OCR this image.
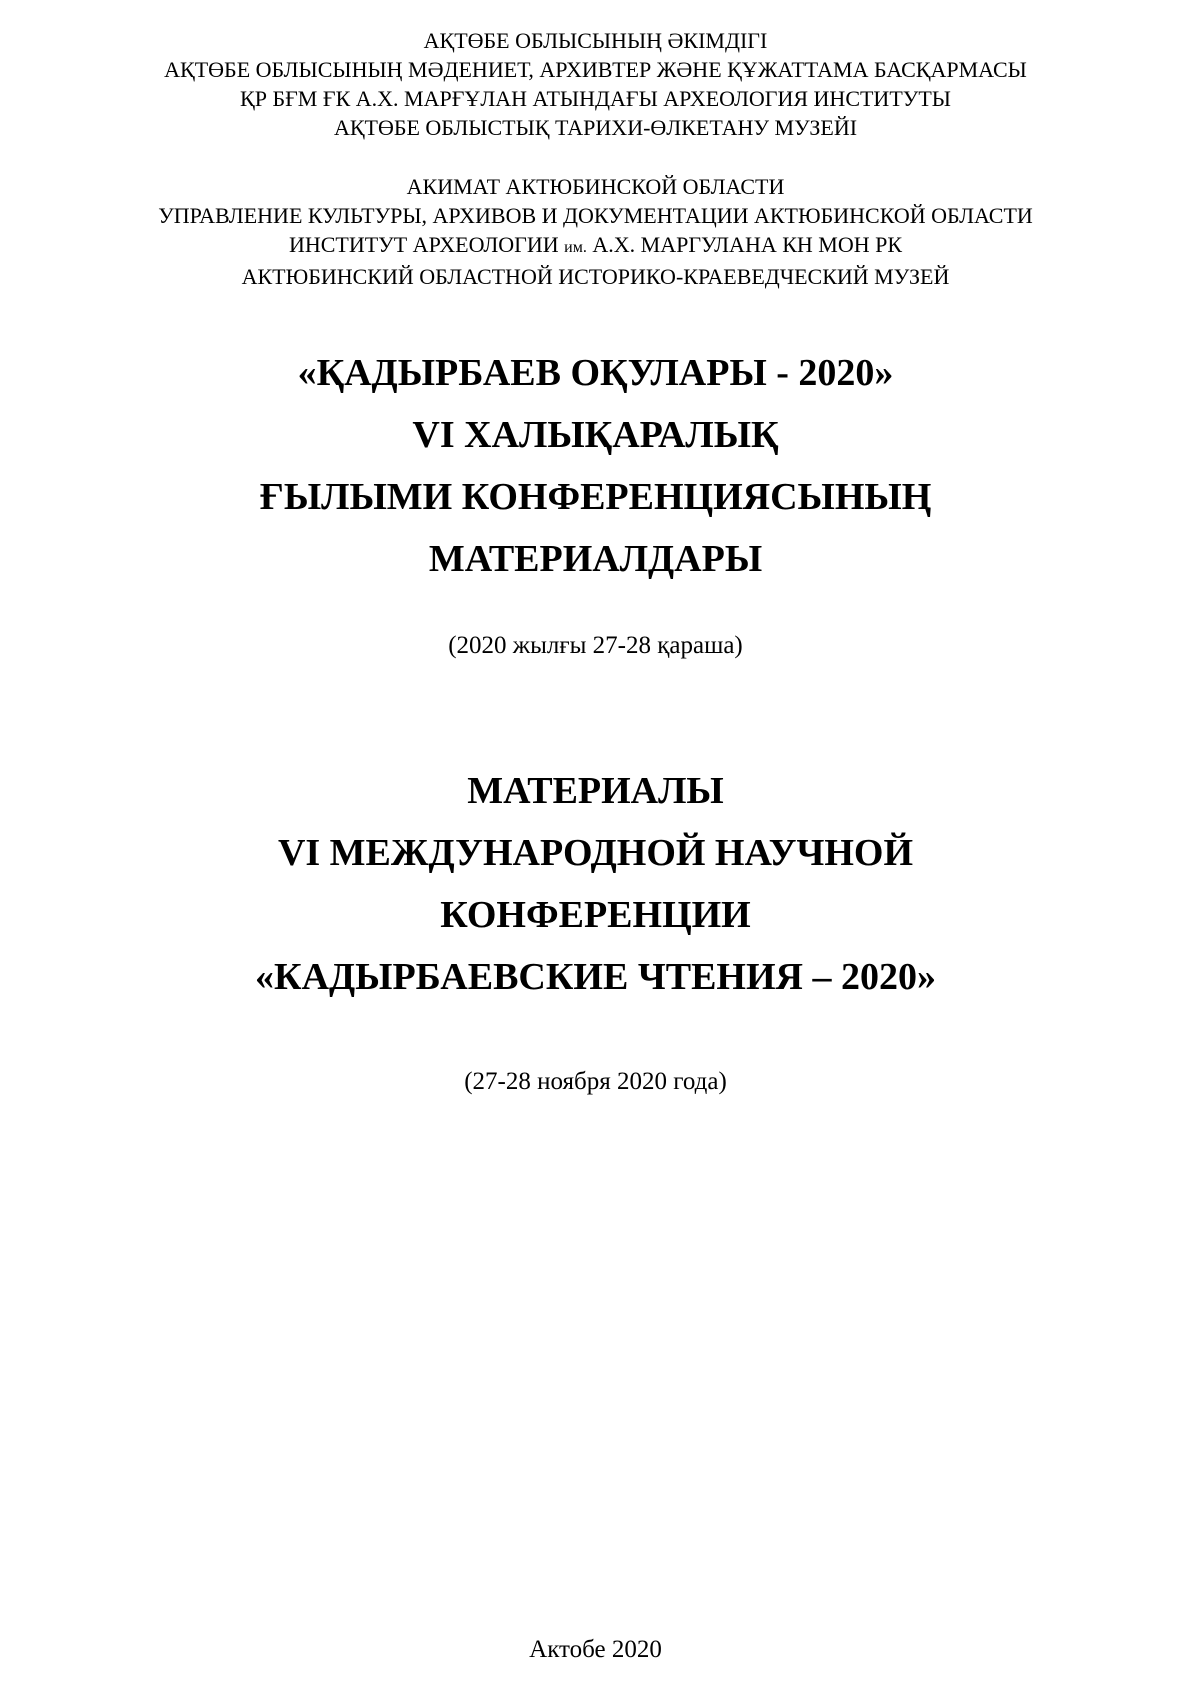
АҚТӨБЕ ОБЛЫСЫНЫҢ ӘКІМДІГІ
АҚТӨБЕ ОБЛЫСЫНЫҢ МӘДЕНИЕТ, АРХИВТЕР ЖӘНЕ ҚҰЖАТТАМА БАСҚАРМАСЫ
ҚР БҒМ ҒК А.Х. МАРҒҰЛАН АТЫНДАҒЫ АРХЕОЛОГИЯ ИНСТИТУТЫ
АҚТӨБЕ ОБЛЫСТЫҚ ТАРИХИ-ӨЛКЕТАНУ МУЗЕЙІ
АКИМАТ АКТЮБИНСКОЙ ОБЛАСТИ
УПРАВЛЕНИЕ КУЛЬТУРЫ, АРХИВОВ И ДОКУМЕНТАЦИИ АКТЮБИНСКОЙ ОБЛАСТИ
ИНСТИТУТ АРХЕОЛОГИИ им. А.Х. МАРГУЛАНА КН МОН РК
АКТЮБИНСКИЙ ОБЛАСТНОЙ ИСТОРИКО-КРАЕВЕДЧЕСКИЙ МУЗЕЙ
«ҚАДЫРБАЕВ ОҚУЛАРЫ - 2020»
VI ХАЛЫҚАРАЛЫҚ
ҒЫЛЫМИ КОНФЕРЕНЦИЯСЫНЫҢ
МАТЕРИАЛДАРЫ
(2020 жылғы 27-28 қараша)
МАТЕРИАЛЫ
VI МЕЖДУНАРОДНОЙ НАУЧНОЙ
КОНФЕРЕНЦИИ
«КАДЫРБАЕВСКИЕ ЧТЕНИЯ – 2020»
(27-28 ноября 2020 года)
Актобе 2020
